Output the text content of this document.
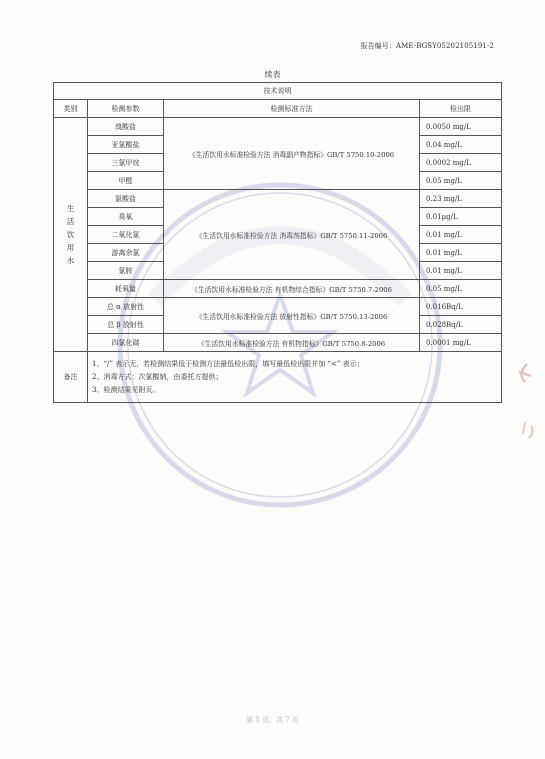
报告编号：AME-BGSY05202105191-2
续表
技术说明			
类别	检测参数	检测标准方法	检出限

生
活
饮
用
水	溴酸盐	《生活饮用水标准检验方法 消毒副产物指标》GB/T 5750.10-2006	0.0050 mg/L
	亚氯酸盐		0.04 mg/L
	三氯甲烷		0.0002 mg/L
	甲醛		0.05 mg/L
	氯酸盐	《生活饮用水标准检验方法 消毒剂指标》GB/T 5750.11-2006	0.23 mg/L
	臭氧		0.01μg/L
	二氧化氯		0.01 mg/L
	游离余氯		0.01 mg/L
	氯胺		0.01 mg/L
	耗氧量	《生活饮用水标准检验方法 有机物综合指标》GB/T 5750.7-2006	0.05 mg/L
	总 α 放射性	《生活饮用水标准检验方法 放射性指标》GB/T 5750.13-2006	0.016Bq/L
	总 β 放射性		0.028Bq/L
	四氯化碳	《生活饮用水标准检验方法 有机物指标》GB/T 5750.8-2006	0.0001 mg/L
备注	1、“/” 表示无，若检测结果低于检测方法最低检出限，填写最低检出限并加 “<” 表示；
2、消毒方式：次氯酸钠，由委托方提供；
3、检测结果见附页。		
第 5 页，共 7 页
